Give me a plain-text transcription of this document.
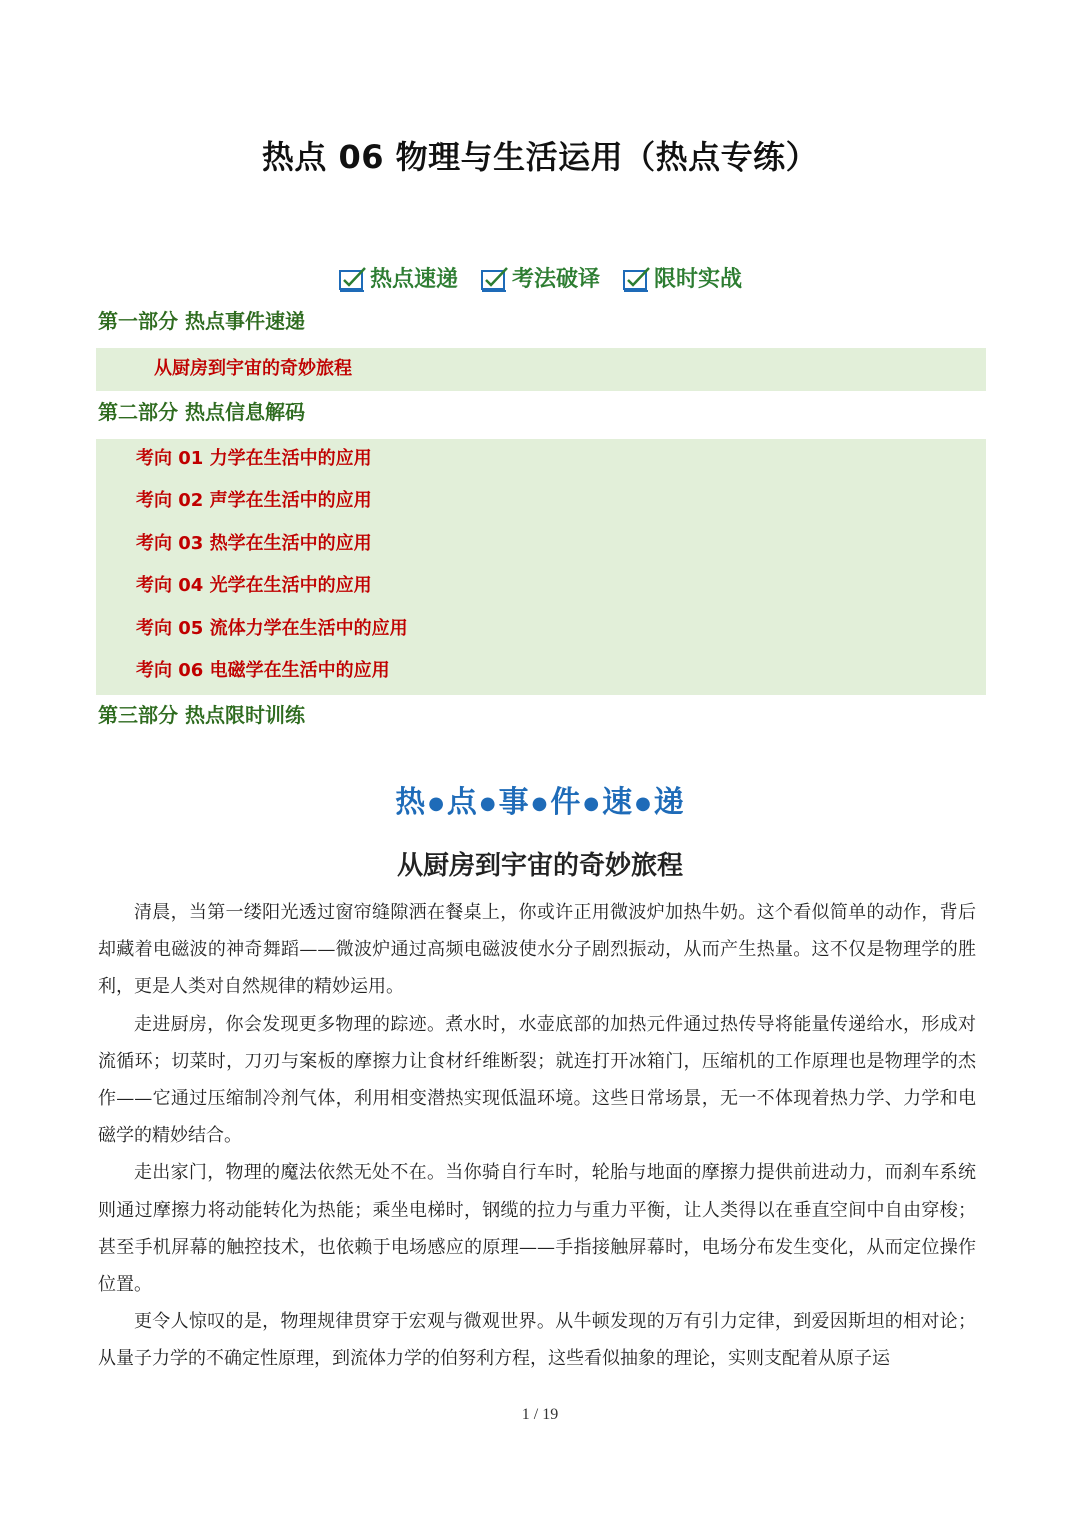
热点 06 物理与生活运用（热点专练）
热点速递 考法破译 限时实战
第一部分 热点事件速递
从厨房到宇宙的奇妙旅程
第二部分 热点信息解码
考向 01 力学在生活中的应用
考向 02 声学在生活中的应用
考向 03 热学在生活中的应用
考向 04 光学在生活中的应用
考向 05 流体力学在生活中的应用
考向 06 电磁学在生活中的应用
第三部分 热点限时训练
热 ●点 ●事 ●件 ●速 ●递
从厨房到宇宙的奇妙旅程

清晨，当第一缕阳光透过窗帘缝隙洒在餐桌上，你或许正用微波炉加热牛奶。这个看似简单的动作，背后却藏着电磁波的神奇舞蹈——微波炉通过高频电磁波使水分子剧烈振动，从而产生热量。这不仅是物理学的胜利，更是人类对自然规律的精妙运用。

走进厨房，你会发现更多物理的踪迹。煮水时，水壶底部的加热元件通过热传导将能量传递给水，形成对流循环；切菜时，刀刃与案板的摩擦力让食材纤维断裂；就连打开冰箱门，压缩机的工作原理也是物理学的杰作——它通过压缩制冷剂气体，利用相变潜热实现低温环境。这些日常场景，无一不体现着热力学、力学和电磁学的精妙结合。

走出家门，物理的魔法依然无处不在。当你骑自行车时，轮胎与地面的摩擦力提供前进动力，而刹车系统则通过摩擦力将动能转化为热能；乘坐电梯时，钢缆的拉力与重力平衡，让人类得以在垂直空间中自由穿梭；甚至手机屏幕的触控技术，也依赖于电场感应的原理——手指接触屏幕时，电场分布发生变化，从而定位操作位置。

更令人惊叹的是，物理规律贯穿于宏观与微观世界。从牛顿发现的万有引力定律，到爱因斯坦的相对论；从量子力学的不确定性原理，到流体力学的伯努利方程，这些看似抽象的理论，实则支配着从原子运

1 / 19
